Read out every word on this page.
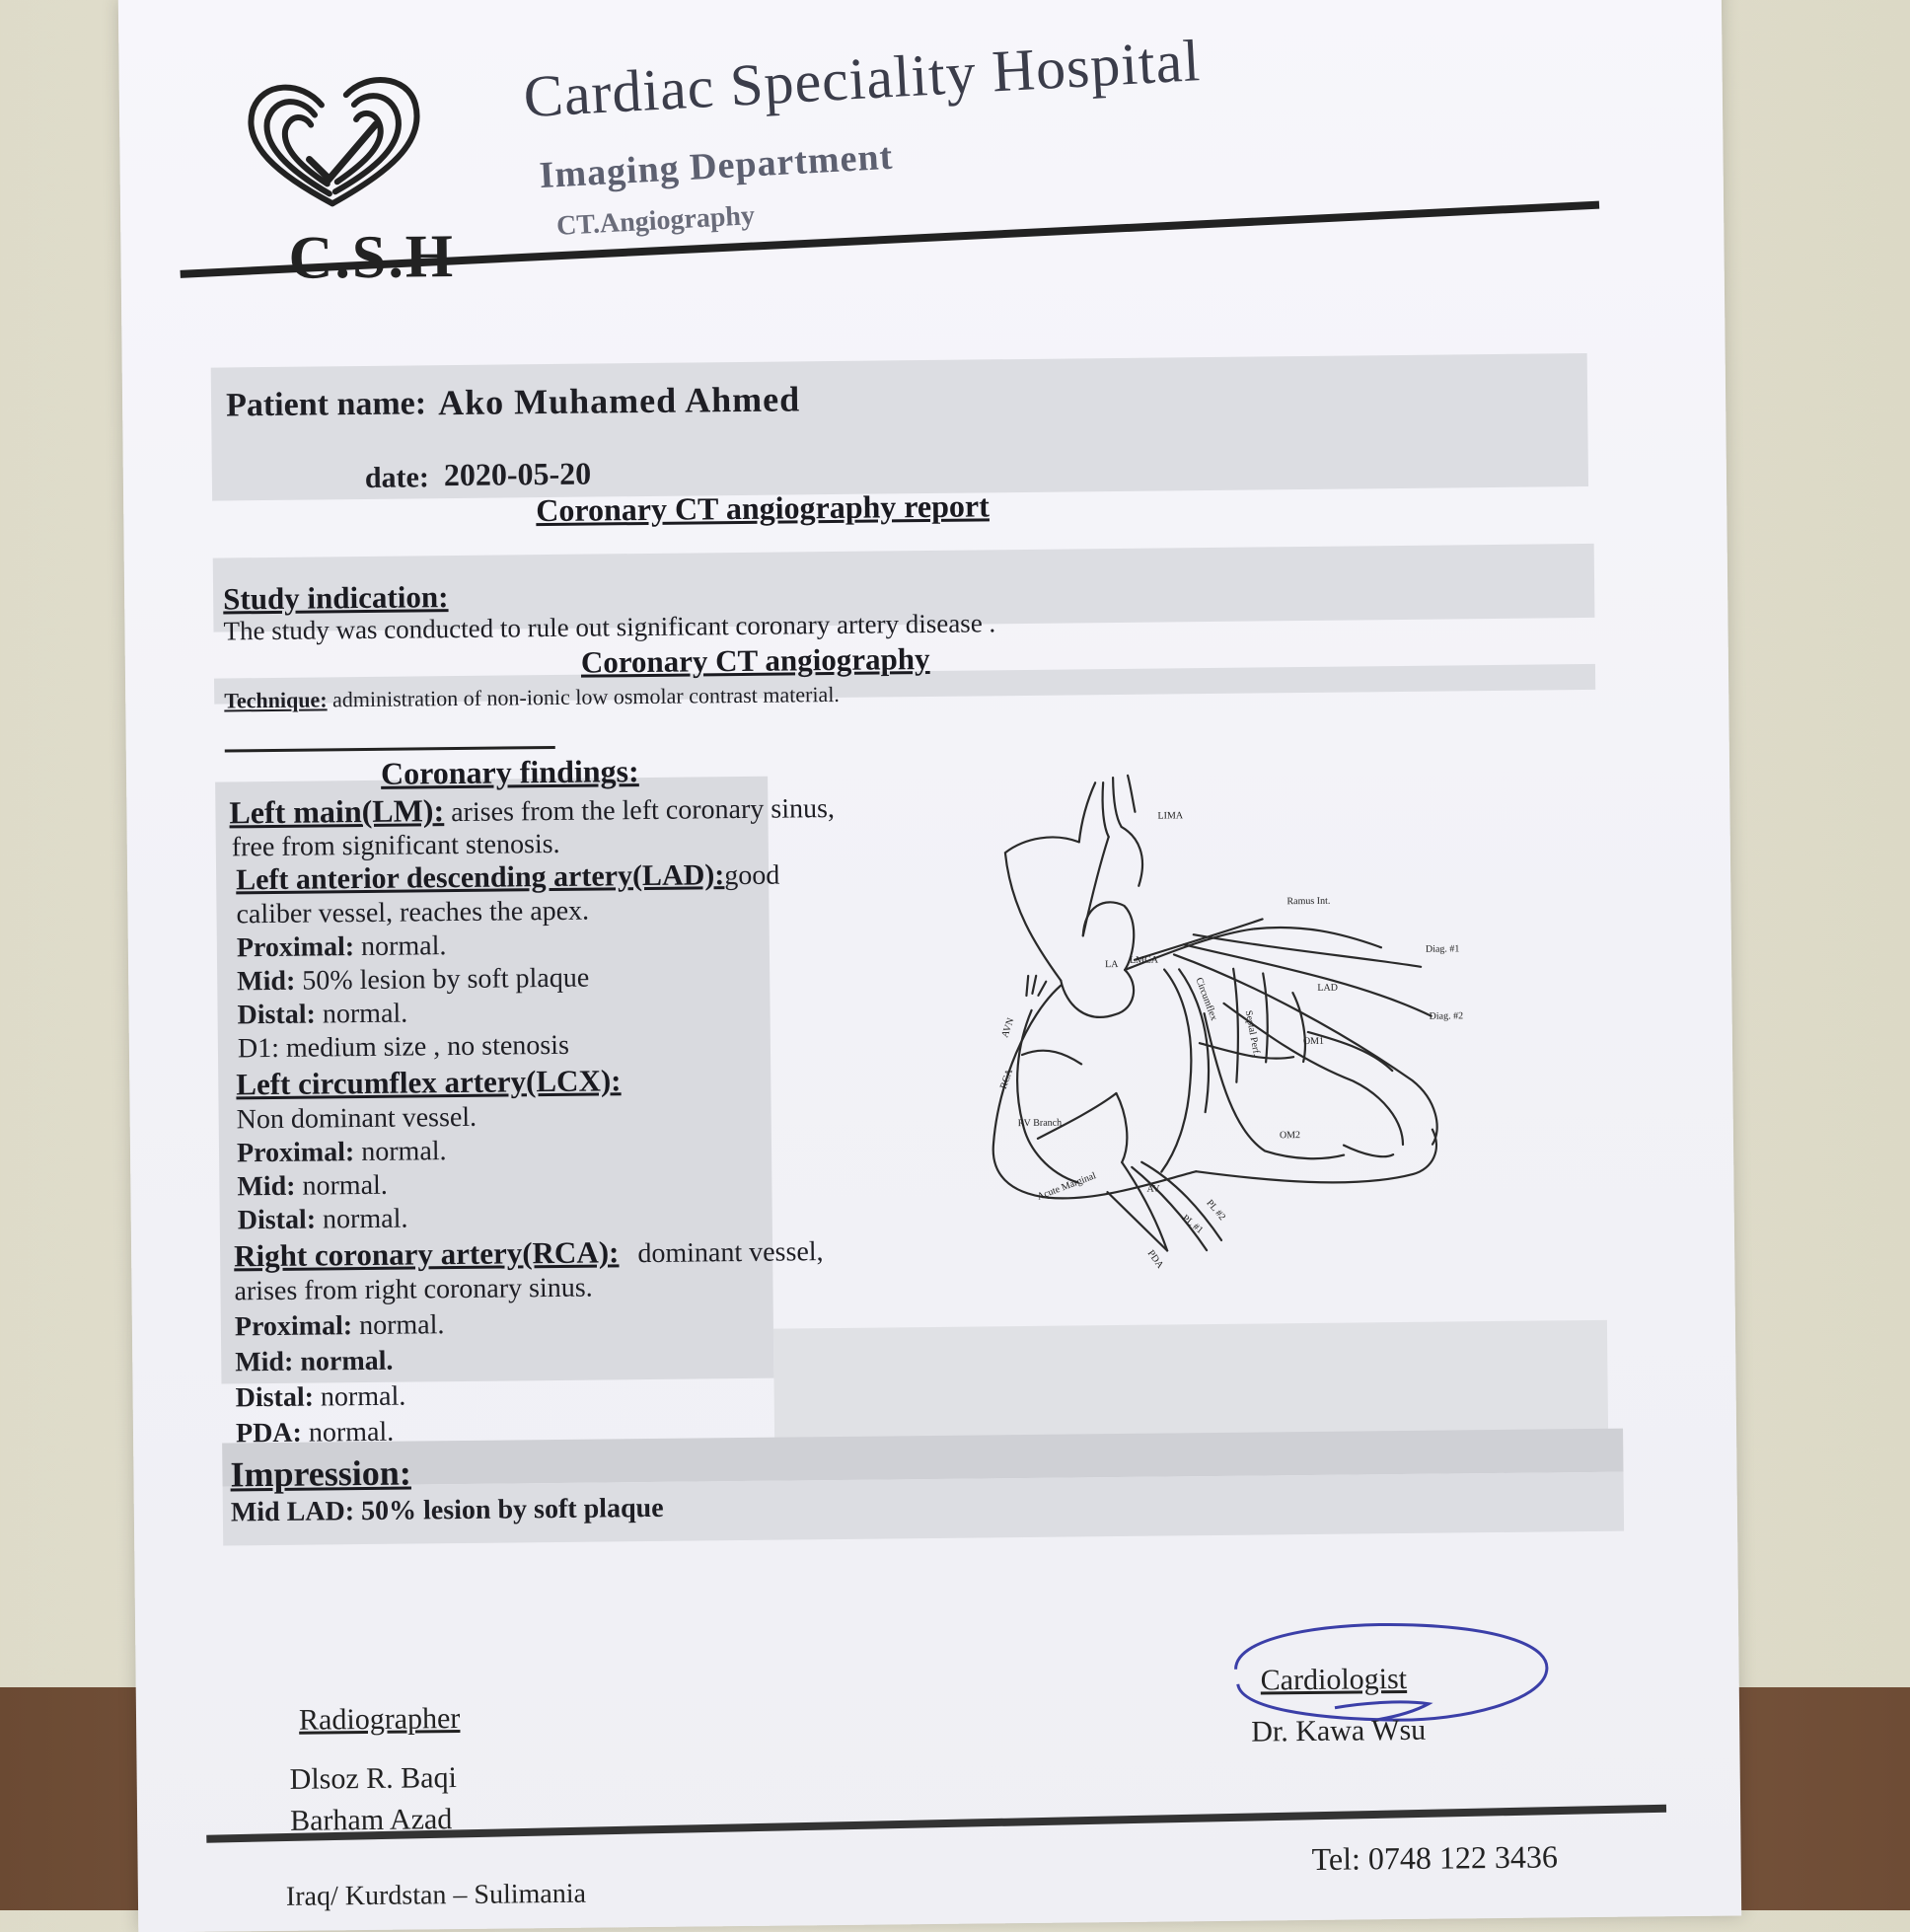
C.S.H
Cardiac Speciality Hospital
Imaging Department
CT.Angiography
Patient name: Ako Muhamed Ahmed
date: 2020-05-20
Coronary CT angiography report
Study indication:
The study was conducted to rule out significant coronary artery disease .
Coronary CT angiography
Technique: administration of non-ionic low osmolar contrast material.
Coronary findings:
Left main(LM): arises from the left coronary sinus,
free from significant stenosis.
Left anterior descending artery(LAD):good
caliber vessel, reaches the apex.
Proximal: normal.
Mid: 50% lesion by soft plaque
Distal: normal.
D1: medium size , no stenosis
Left circumflex artery(LCX):
Non dominant vessel.
Proximal: normal.
Mid: normal.
Distal: normal.
Right coronary artery(RCA): dominant vessel,
arises from right coronary sinus.
Proximal: normal.
Mid: normal.
Distal: normal.
PDA: normal.
Impression:
Mid LAD: 50% lesion by soft plaque
LIMA
Ramus Int.
LA LMCA
Diag. #1
Diag. #2
LAD
Circumflex
Septal Perf.	OM1
OM2
AVN
RCA
RV Branch
Acute Marginal	AV
PDA
PL #1
PL #2
Radiographer
Dlsoz R. Baqi
Barham Azad
Cardiologist
Dr. Kawa Wsu
Tel: 0748 122 3436
Iraq/ Kurdstan – Sulimania
